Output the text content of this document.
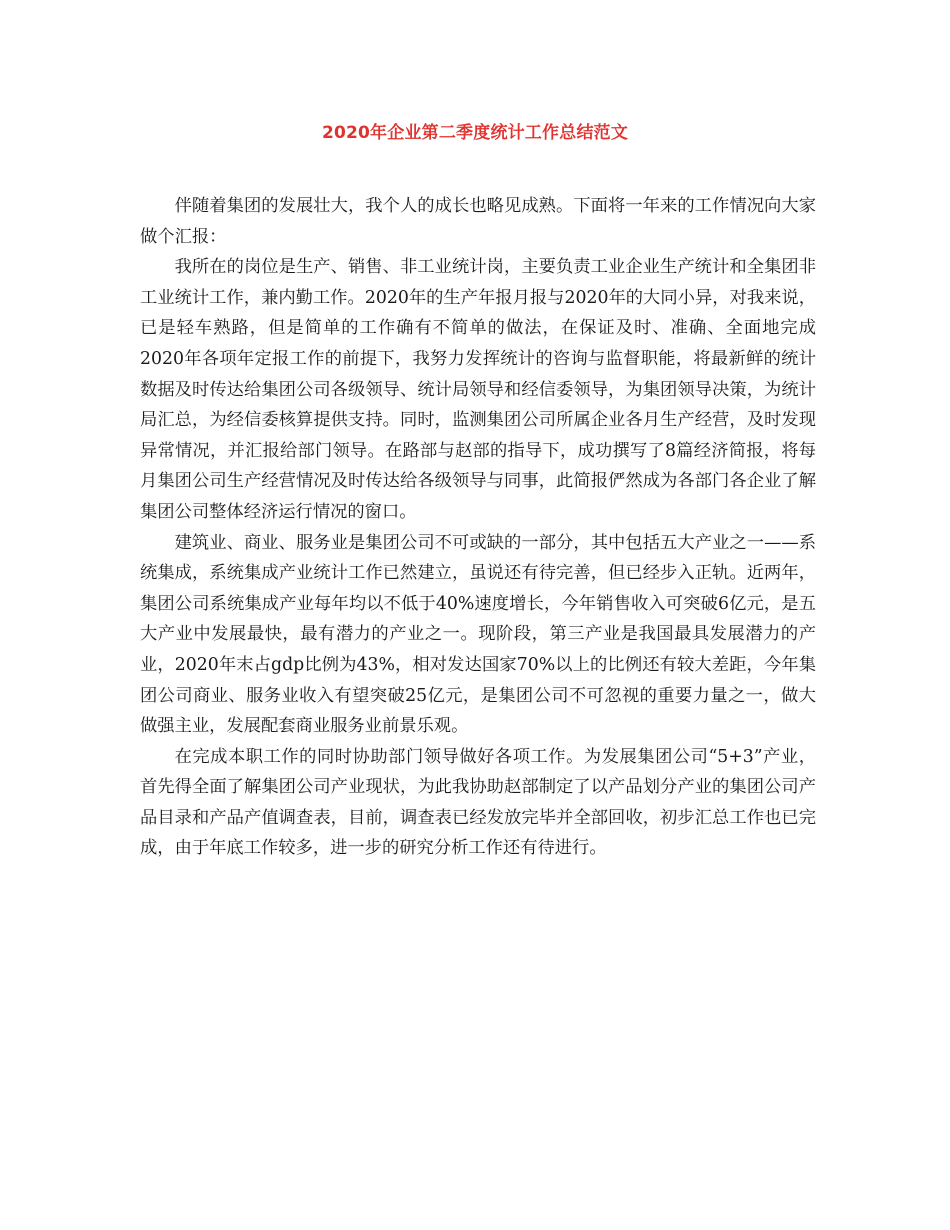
2020年企业第二季度统计工作总结范文

伴随着集团的发展壮大，我个人的成长也略见成熟。下面将一年来的工作情况向大家做个汇报：

我所在的岗位是生产、销售、非工业统计岗，主要负责工业企业生产统计和全集团非工业统计工作，兼内勤工作。2020年的生产年报月报与2020年的大同小异，对我来说，已是轻车熟路，但是简单的工作确有不简单的做法，在保证及时、准确、全面地完成2020年各项年定报工作的前提下，我努力发挥统计的咨询与监督职能，将最新鲜的统计数据及时传达给集团公司各级领导、统计局领导和经信委领导，为集团领导决策，为统计局汇总，为经信委核算提供支持。同时，监测集团公司所属企业各月生产经营，及时发现异常情况，并汇报给部门领导。在路部与赵部的指导下，成功撰写了8篇经济简报，将每月集团公司生产经营情况及时传达给各级领导与同事，此简报俨然成为各部门各企业了解集团公司整体经济运行情况的窗口。

建筑业、商业、服务业是集团公司不可或缺的一部分，其中包括五大产业之一——系统集成，系统集成产业统计工作已然建立，虽说还有待完善，但已经步入正轨。近两年，集团公司系统集成产业每年均以不低于40%速度增长，今年销售收入可突破6亿元，是五大产业中发展最快，最有潜力的产业之一。现阶段，第三产业是我国最具发展潜力的产业，2020年末占gdp比例为43%，相对发达国家70%以上的比例还有较大差距，今年集团公司商业、服务业收入有望突破25亿元，是集团公司不可忽视的重要力量之一，做大做强主业，发展配套商业服务业前景乐观。

在完成本职工作的同时协助部门领导做好各项工作。为发展集团公司“5+3”产业，首先得全面了解集团公司产业现状，为此我协助赵部制定了以产品划分产业的集团公司产品目录和产品产值调查表，目前，调查表已经发放完毕并全部回收，初步汇总工作也已完成，由于年底工作较多，进一步的研究分析工作还有待进行。
